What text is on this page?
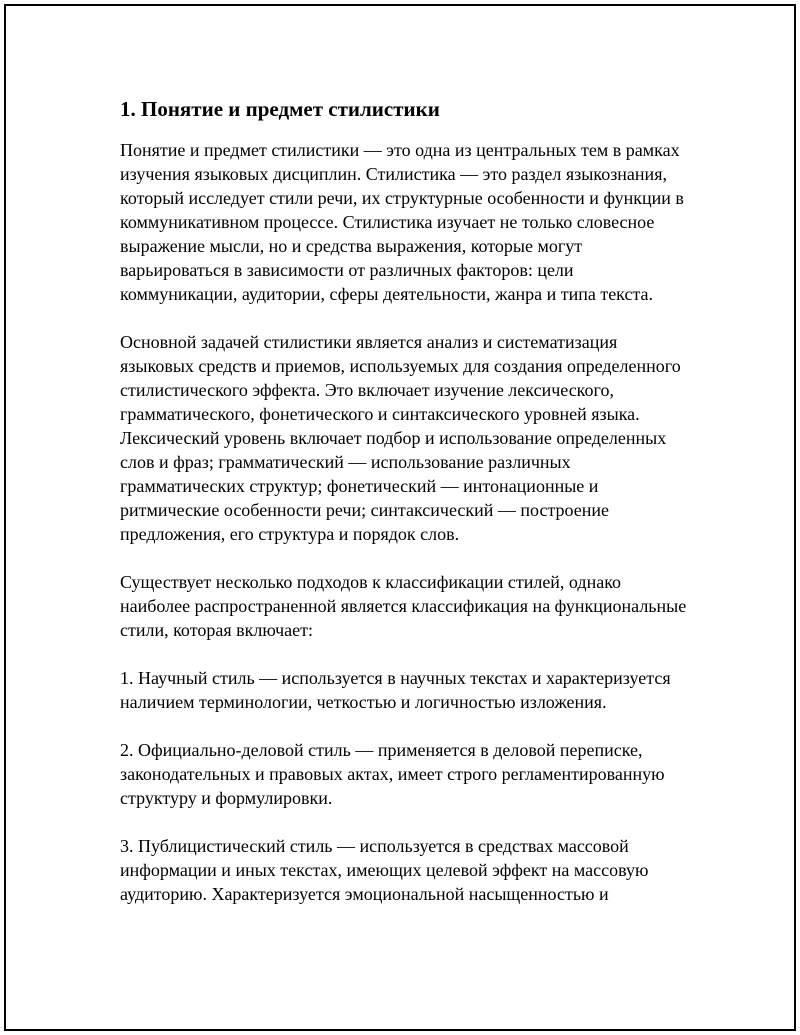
1. Понятие и предмет стилистики

Понятие и предмет стилистики — это одна из центральных тем в рамках изучения языковых дисциплин. Стилистика — это раздел языкознания, который исследует стили речи, их структурные особенности и функции в коммуникативном процессе. Стилистика изучает не только словесное выражение мысли, но и средства выражения, которые могут варьироваться в зависимости от различных факторов: цели коммуникации, аудитории, сферы деятельности, жанра и типа текста.

Основной задачей стилистики является анализ и систематизация языковых средств и приемов, используемых для создания определенного стилистического эффекта. Это включает изучение лексического, грамматического, фонетического и синтаксического уровней языка. Лексический уровень включает подбор и использование определенных слов и фраз; грамматический — использование различных грамматических структур; фонетический — интонационные и ритмические особенности речи; синтаксический — построение предложения, его структура и порядок слов.

Существует несколько подходов к классификации стилей, однако наиболее распространенной является классификация на функциональные стили, которая включает:

1. Научный стиль — используется в научных текстах и характеризуется наличием терминологии, четкостью и логичностью изложения.

2. Официально-деловой стиль — применяется в деловой переписке, законодательных и правовых актах, имеет строго регламентированную структуру и формулировки.

3. Публицистический стиль — используется в средствах массовой информации и иных текстах, имеющих целевой эффект на массовую аудиторию. Характеризуется эмоциональной насыщенностью и
